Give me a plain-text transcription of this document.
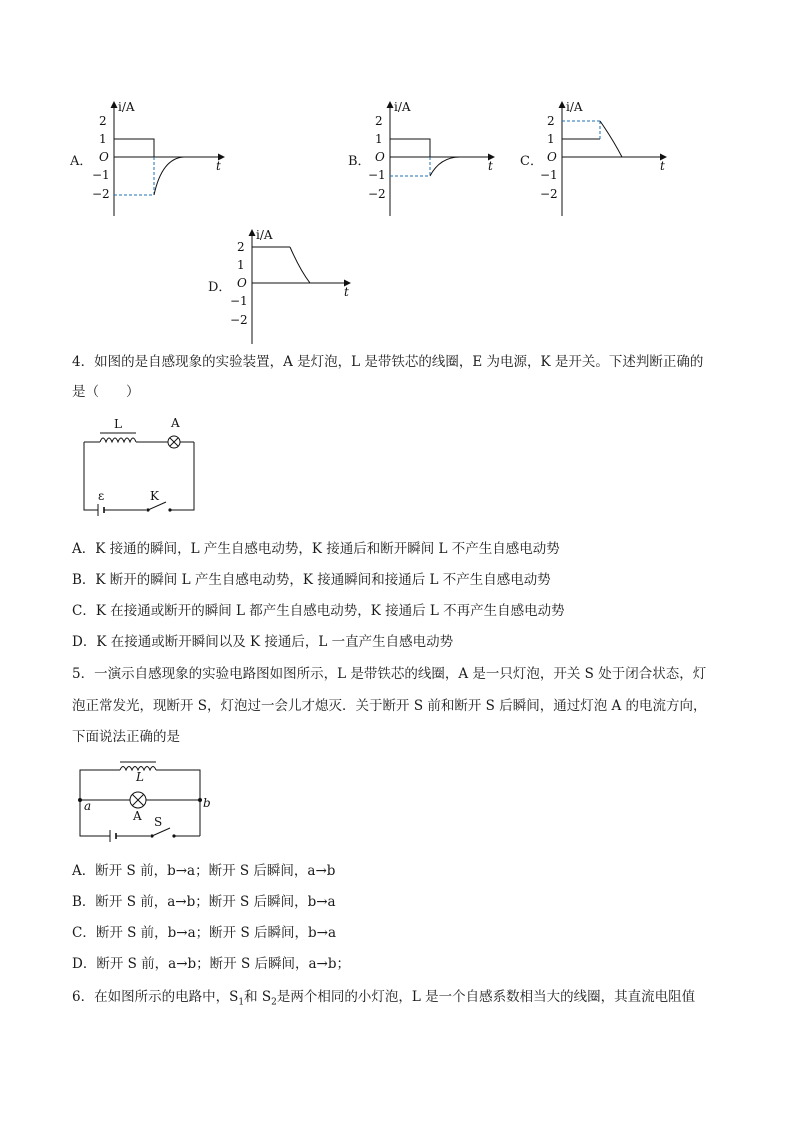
A．
i/A
2
1
O
−1
−2
t	B．
i/A
2
1
O
−1
−2
t C．
i/A
2
1
O
−1
−2
t
D．
i/A
2
1
O
−1
−2
t
4．如图的是自感现象的实验装置，A 是灯泡，L 是带铁芯的线圈，E 为电源，K 是开关。下述判断正确的
是（　　）
L	A
ε	K
A．K 接通的瞬间，L 产生自感电动势，K 接通后和断开瞬间 L 不产生自感电动势
B．K 断开的瞬间 L 产生自感电动势，K 接通瞬间和接通后 L 不产生自感电动势
C．K 在接通或断开的瞬间 L 都产生自感电动势，K 接通后 L 不再产生自感电动势
D．K 在接通或断开瞬间以及 K 接通后，L 一直产生自感电动势
5．一演示自感现象的实验电路图如图所示，L 是带铁芯的线圈，A 是一只灯泡，开关 S 处于闭合状态，灯
泡正常发光，现断开 S，灯泡过一会儿才熄灭．关于断开 S 前和断开 S 后瞬间，通过灯泡 A 的电流方向，
下面说法正确的是
L
A
a	b
S
A．断开 S 前，b→a；断开 S 后瞬间，a→b
B．断开 S 前，a→b；断开 S 后瞬间，b→a
C．断开 S 前，b→a；断开 S 后瞬间，b→a
D．断开 S 前，a→b；断开 S 后瞬间，a→b；
6．在如图所示的电路中，$S_1$和 $S_2$是两个相同的小灯泡，L 是一个自感系数相当大的线圈，其直流电阻值
